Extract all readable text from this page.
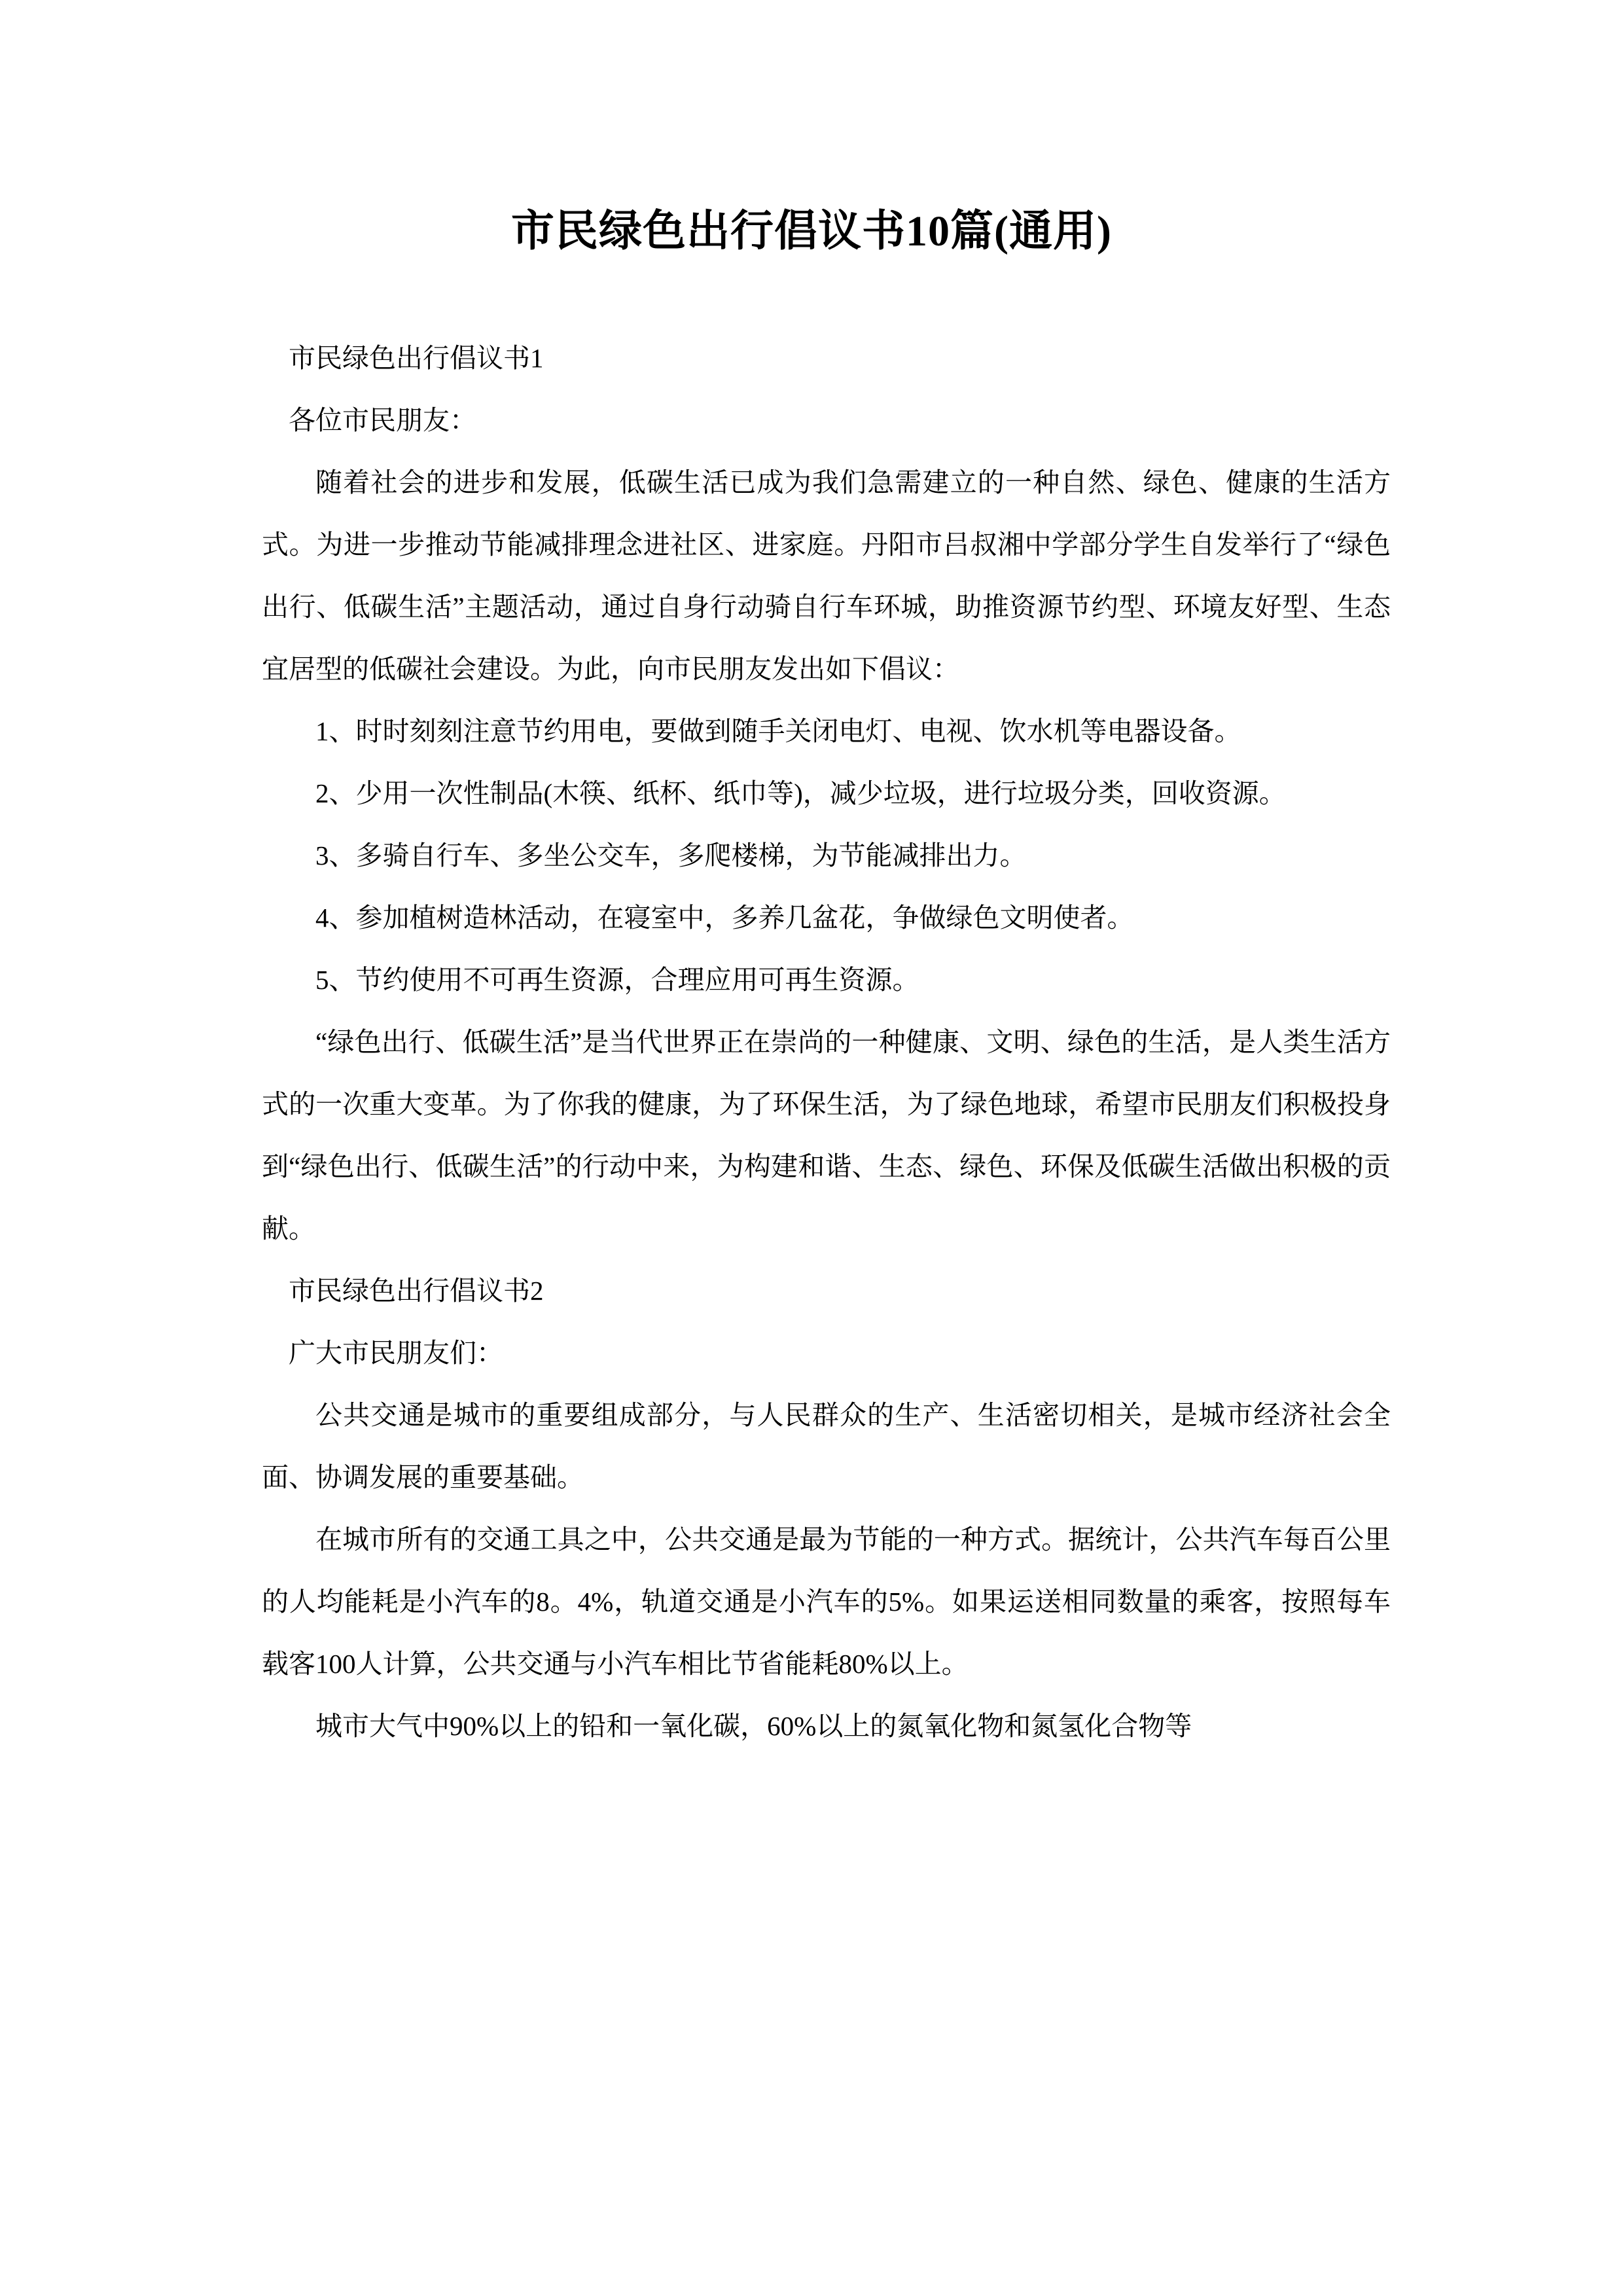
市民绿色出行倡议书10篇(通用)

市民绿色出行倡议书1

各位市民朋友：

随着社会的进步和发展，低碳生活已成为我们急需建立的一种自然、绿色、健康的生活方式。为进一步推动节能减排理念进社区、进家庭。丹阳市吕叔湘中学部分学生自发举行了“绿色出行、低碳生活”主题活动，通过自身行动骑自行车环城，助推资源节约型、环境友好型、生态宜居型的低碳社会建设。为此，向市民朋友发出如下倡议：

1、时时刻刻注意节约用电，要做到随手关闭电灯、电视、饮水机等电器设备。

2、少用一次性制品(木筷、纸杯、纸巾等)，减少垃圾，进行垃圾分类，回收资源。

3、多骑自行车、多坐公交车，多爬楼梯，为节能减排出力。

4、参加植树造林活动，在寝室中，多养几盆花，争做绿色文明使者。

5、节约使用不可再生资源，合理应用可再生资源。

“绿色出行、低碳生活”是当代世界正在崇尚的一种健康、文明、绿色的生活，是人类生活方式的一次重大变革。为了你我的健康，为了环保生活，为了绿色地球，希望市民朋友们积极投身到“绿色出行、低碳生活”的行动中来，为构建和谐、生态、绿色、环保及低碳生活做出积极的贡献。

市民绿色出行倡议书2

广大市民朋友们：

公共交通是城市的重要组成部分，与人民群众的生产、生活密切相关，是城市经济社会全面、协调发展的重要基础。

在城市所有的交通工具之中，公共交通是最为节能的一种方式。据统计，公共汽车每百公里的人均能耗是小汽车的8。4%，轨道交通是小汽车的5%。如果运送相同数量的乘客，按照每车载客100人计算，公共交通与小汽车相比节省能耗80%以上。

城市大气中90%以上的铅和一氧化碳，60%以上的氮氧化物和氮氢化合物等
